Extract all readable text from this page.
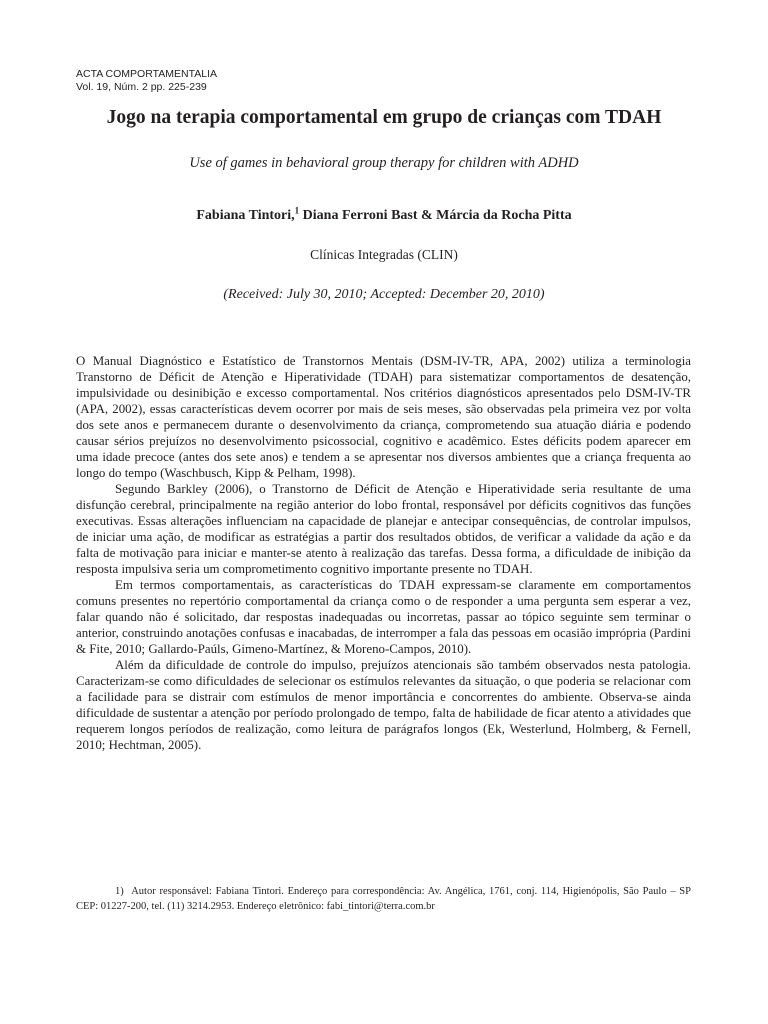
ACTA COMPORTAMENTALIA
Vol. 19, Núm. 2 pp. 225-239
Jogo na terapia comportamental em grupo de crianças com TDAH
Use of games in behavioral group therapy for children with ADHD
Fabiana Tintori,$^1$ Diana Ferroni Bast & Márcia da Rocha Pitta
Clínicas Integradas (CLIN)
(Received: July 30, 2010; Accepted: December 20, 2010)

O Manual Diagnóstico e Estatístico de Transtornos Mentais (DSM-IV-TR, APA, 2002) utiliza a terminologia Transtorno de Déficit de Atenção e Hiperatividade (TDAH) para sistematizar comportamentos de desatenção, impulsividade ou desinibição e excesso comportamental. Nos critérios diagnósticos apresentados pelo DSM-IV-TR (APA, 2002), essas características devem ocorrer por mais de seis meses, são observadas pela primeira vez por volta dos sete anos e permanecem durante o desenvolvimento da criança, comprometendo sua atuação diária e podendo causar sérios prejuízos no desenvolvimento psicossocial, cognitivo e acadêmico. Estes déficits podem aparecer em uma idade precoce (antes dos sete anos) e tendem a se apresentar nos diversos ambientes que a criança frequenta ao longo do tempo (Waschbusch, Kipp & Pelham, 1998).

Segundo Barkley (2006), o Transtorno de Déficit de Atenção e Hiperatividade seria resultante de uma disfunção cerebral, principalmente na região anterior do lobo frontal, responsável por déficits cognitivos das funções executivas. Essas alterações influenciam na capacidade de planejar e antecipar consequências, de controlar impulsos, de iniciar uma ação, de modificar as estratégias a partir dos resultados obtidos, de verificar a validade da ação e da falta de motivação para iniciar e manter-se atento à realização das tarefas. Dessa forma, a dificuldade de inibição da resposta impulsiva seria um comprometimento cognitivo importante presente no TDAH.

Em termos comportamentais, as características do TDAH expressam-se claramente em comportamentos comuns presentes no repertório comportamental da criança como o de responder a uma pergunta sem esperar a vez, falar quando não é solicitado, dar respostas inadequadas ou incorretas, passar ao tópico seguinte sem terminar o anterior, construindo anotações confusas e inacabadas, de interromper a fala das pessoas em ocasião imprópria (Pardini & Fite, 2010; Gallardo-Paúls, Gimeno-Martínez, & Moreno-Campos, 2010).

Além da dificuldade de controle do impulso, prejuízos atencionais são também observados nesta patologia. Caracterizam-se como dificuldades de selecionar os estímulos relevantes da situação, o que poderia se relacionar com a facilidade para se distrair com estímulos de menor importância e concorrentes do ambiente. Observa-se ainda dificuldade de sustentar a atenção por período prolongado de tempo, falta de habilidade de ficar atento a atividades que requerem longos períodos de realização, como leitura de parágrafos longos (Ek, Westerlund, Holmberg, & Fernell, 2010; Hechtman, 2005).

1) Autor responsável: Fabiana Tintori. Endereço para correspondência: Av. Angélica, 1761, conj. 114, Higienópolis, São Paulo – SP CEP: 01227-200, tel. (11) 3214.2953. Endereço eletrônico: fabi_tintori@terra.com.br
